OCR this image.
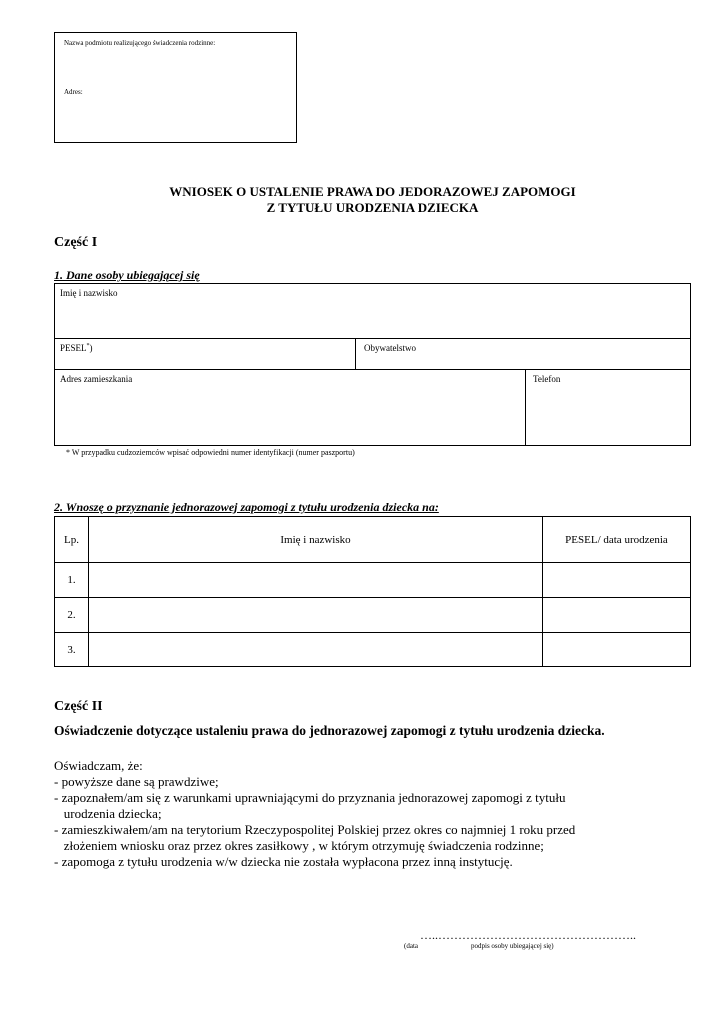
Nazwa podmiotu realizującego świadczenia rodzinne:
Adres:
WNIOSEK O USTALENIE PRAWA DO JEDORAZOWEJ ZAPOMOGI
Z TYTUŁU URODZENIA DZIECKA
Część I
1. Dane osoby ubiegającej się
Imię i nazwisko
PESEL*)	Obywatelstwo
Adres zamieszkania	Telefon
* W przypadku cudzoziemców wpisać odpowiedni numer identyfikacji (numer paszportu)
2. Wnoszę o przyznanie jednorazowej zapomogi z tytułu urodzenia dziecka na:
Lp.	Imię i nazwisko	PESEL/ data urodzenia
1.
2.
3.
Część II
Oświadczenie dotyczące ustaleniu prawa do jednorazowej zapomogi z tytułu urodzenia dziecka.
Oświadczam, że:
- powyższe dane są prawdziwe;
- zapoznałem/am się z warunkami uprawniającymi do przyznania jednorazowej zapomogi z tytułu
urodzenia dziecka;
- zamieszkiwałem/am na terytorium Rzeczypospolitej Polskiej przez okres co najmniej 1 roku przed
złożeniem wniosku oraz przez okres zasiłkowy , w którym otrzymuję świadczenia rodzinne;
- zapomoga z tytułu urodzenia w/w dziecka nie została wypłacona przez inną instytucję.
…..…………………………………………..
(data	podpis osoby ubiegającej się)
